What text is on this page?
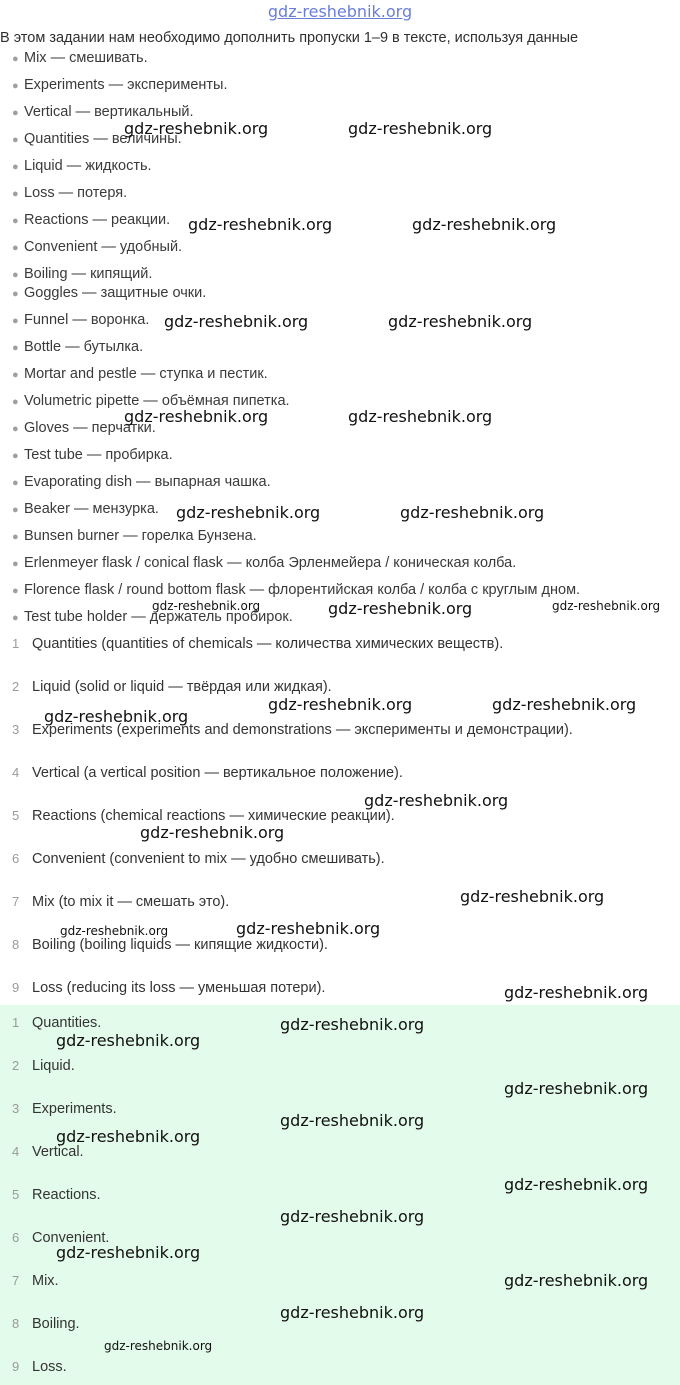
gdz-reshebnik.org
В этом задании нам необходимо дополнить пропуски 1–9 в тексте, используя данные
● Mix — смешивать.
● Experiments — эксперименты.
● Vertical — вертикальный.
● Quantities — величины.
● Liquid — жидкость.
● Loss — потеря.
● Reactions — реакции.
● Convenient — удобный.
● Boiling — кипящий.
● Goggles — защитные очки.
● Funnel — воронка.
● Bottle — бутылка.
● Mortar and pestle — ступка и пестик.
● Volumetric pipette — объёмная пипетка.
● Gloves — перчатки.
● Test tube — пробирка.
● Evaporating dish — выпарная чашка.
● Beaker — мензурка.
● Bunsen burner — горелка Бунзена.
● Erlenmeyer flask / conical flask — колба Эрленмейера / коническая колба.
● Florence flask / round bottom flask — флорентийская колба / колба с круглым дном.
● Test tube holder — держатель пробирок.
1 Quantities (quantities of chemicals — количества химических веществ).
2 Liquid (solid or liquid — твёрдая или жидкая).
3 Experiments (experiments and demonstrations — эксперименты и демонстрации).
4 Vertical (a vertical position — вертикальное положение).
5 Reactions (chemical reactions — химические реакции).
6 Convenient (convenient to mix — удобно смешивать).
7 Mix (to mix it — смешать это).
8 Boiling (boiling liquids — кипящие жидкости).
9 Loss (reducing its loss — уменьшая потери).
1 Quantities.
2 Liquid.
3 Experiments.
4 Vertical.
5 Reactions.
6 Convenient.
7 Mix.
8 Boiling.
9 Loss.
gdz-reshebnik.org	gdz-reshebnik.org
gdz-reshebnik.org	gdz-reshebnik.org
gdz-reshebnik.org	gdz-reshebnik.org
gdz-reshebnik.org	gdz-reshebnik.org
gdz-reshebnik.org	gdz-reshebnik.org
gdz-reshebnik.org	gdz-reshebnik.org	gdz-reshebnik.org
gdz-reshebnik.org	gdz-reshebnik.org
gdz-reshebnik.org
gdz-reshebnik.org
gdz-reshebnik.org
gdz-reshebnik.org
gdz-reshebnik.org
gdz-reshebnik.org
gdz-reshebnik.org
gdz-reshebnik.org
gdz-reshebnik.org
gdz-reshebnik.org
gdz-reshebnik.org
gdz-reshebnik.org
gdz-reshebnik.org
gdz-reshebnik.org
gdz-reshebnik.org
gdz-reshebnik.org
gdz-reshebnik.org
gdz-reshebnik.org
